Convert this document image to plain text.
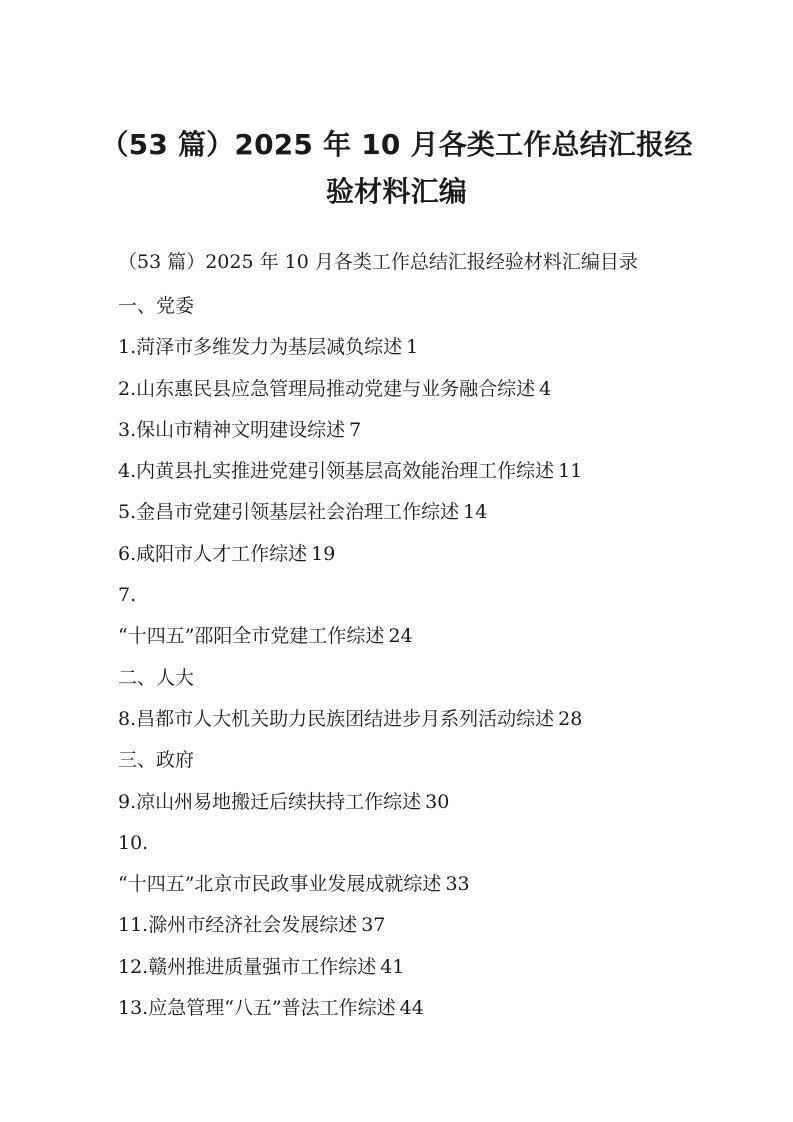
（53 篇）2025 年 10 月各类工作总结汇报经
验材料汇编

（53 篇）2025 年 10 月各类工作总结汇报经验材料汇编目录

一、党委
1.菏泽市多维发力为基层减负综述 1
2.山东惠民县应急管理局推动党建与业务融合综述 4
3.保山市精神文明建设综述 7
4.内黄县扎实推进党建引领基层高效能治理工作综述 11
5.金昌市党建引领基层社会治理工作综述 14
6.咸阳市人才工作综述 19
7.
“十四五”邵阳全市党建工作综述 24
二、人大
8.昌都市人大机关助力民族团结进步月系列活动综述 28
三、政府
9.凉山州易地搬迁后续扶持工作综述 30
10.
“十四五”北京市民政事业发展成就综述 33
11.滁州市经济社会发展综述 37
12.赣州推进质量强市工作综述 41
13.应急管理“八五”普法工作综述 44
